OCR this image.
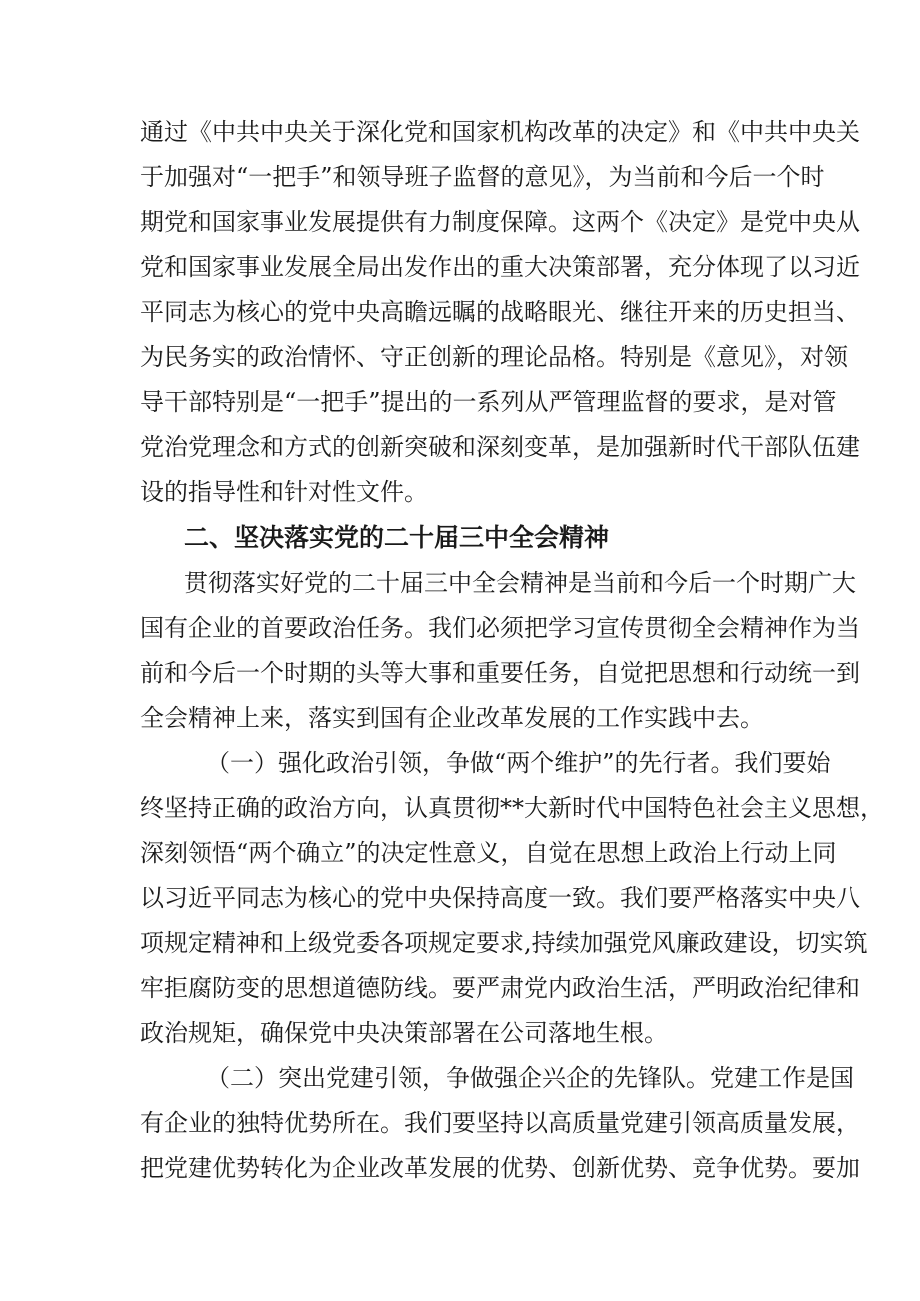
通过《中共中央关于深化党和国家机构改革的决定》和《中共中央关
于加强对“一把手”和领导班子监督的意见》，为当前和今后一个时
期党和国家事业发展提供有力制度保障。这两个《决定》是党中央从
党和国家事业发展全局出发作出的重大决策部署，充分体现了以习近
平同志为核心的党中央高瞻远瞩的战略眼光、继往开来的历史担当、
为民务实的政治情怀、守正创新的理论品格。特别是《意见》，对领
导干部特别是“一把手”提出的一系列从严管理监督的要求，是对管
党治党理念和方式的创新突破和深刻变革，是加强新时代干部队伍建
设的指导性和针对性文件。
二、坚决落实党的二十届三中全会精神
贯彻落实好党的二十届三中全会精神是当前和今后一个时期广大
国有企业的首要政治任务。我们必须把学习宣传贯彻全会精神作为当
前和今后一个时期的头等大事和重要任务，自觉把思想和行动统一到
全会精神上来，落实到国有企业改革发展的工作实践中去。
（一）强化政治引领，争做“两个维护”的先行者。我们要始
终坚持正确的政治方向，认真贯彻**大新时代中国特色社会主义思想，
深刻领悟“两个确立”的决定性意义，自觉在思想上政治上行动上同
以习近平同志为核心的党中央保持高度一致。我们要严格落实中央八
项规定精神和上级党委各项规定要求,持续加强党风廉政建设，切实筑
牢拒腐防变的思想道德防线。要严肃党内政治生活，严明政治纪律和
政治规矩，确保党中央决策部署在公司落地生根。
（二）突出党建引领，争做强企兴企的先锋队。党建工作是国
有企业的独特优势所在。我们要坚持以高质量党建引领高质量发展，
把党建优势转化为企业改革发展的优势、创新优势、竞争优势。要加
